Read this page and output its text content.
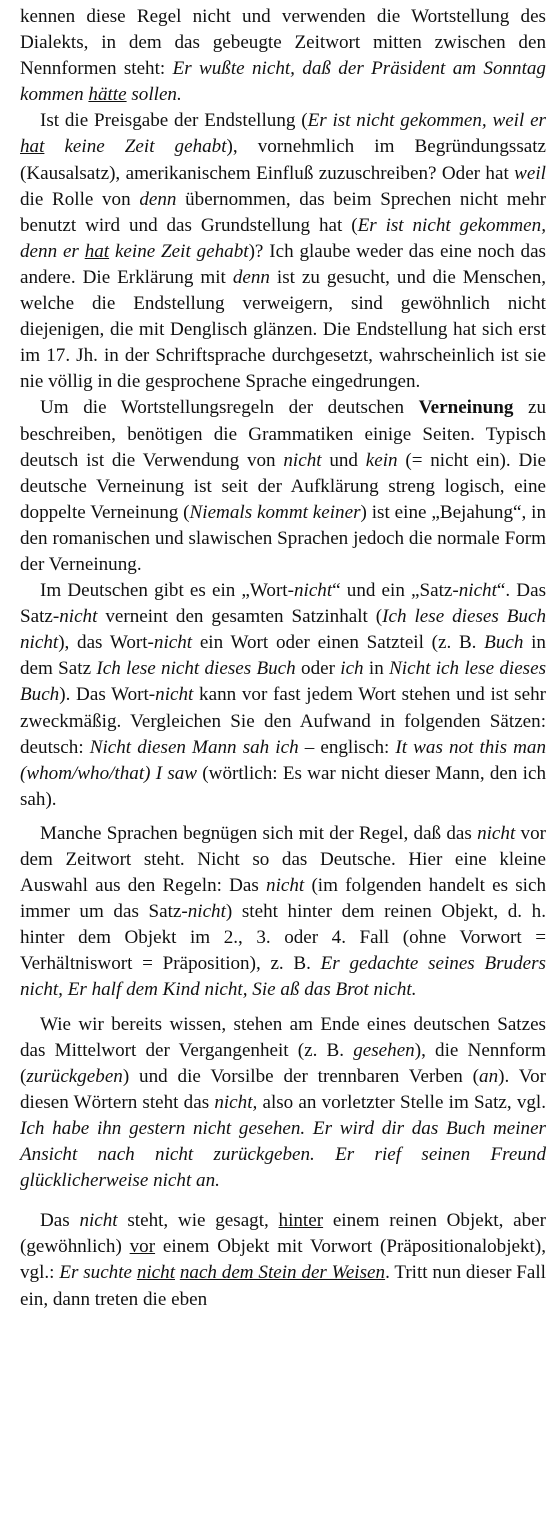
kennen diese Regel nicht und verwenden die Wortstellung des Dialekts, in dem das gebeugte Zeitwort mitten zwischen den Nennformen steht: Er wußte nicht, daß der Präsident am Sonntag kommen hätte sollen.

Ist die Preisgabe der Endstellung (Er ist nicht gekommen, weil er hat keine Zeit gehabt), vornehmlich im Begründungssatz (Kausalsatz), amerikanischem Einfluß zuzuschreiben? Oder hat weil die Rolle von denn übernommen, das beim Sprechen nicht mehr benutzt wird und das Grundstellung hat (Er ist nicht gekommen, denn er hat keine Zeit gehabt)? Ich glaube weder das eine noch das andere. Die Erklärung mit denn ist zu gesucht, und die Menschen, welche die Endstellung verweigern, sind gewöhnlich nicht diejenigen, die mit Denglisch glänzen. Die Endstellung hat sich erst im 17. Jh. in der Schriftsprache durchgesetzt, wahrscheinlich ist sie nie völlig in die gesprochene Sprache eingedrungen.

Um die Wortstellungsregeln der deutschen Verneinung zu beschreiben, benötigen die Grammatiken einige Seiten. Typisch deutsch ist die Verwendung von nicht und kein (= nicht ein). Die deutsche Verneinung ist seit der Aufklärung streng logisch, eine doppelte Verneinung (Niemals kommt keiner) ist eine „Bejahung“, in den romanischen und slawischen Sprachen jedoch die normale Form der Verneinung.

Im Deutschen gibt es ein „Wort-nicht“ und ein „Satz-nicht“. Das Satz-nicht verneint den gesamten Satzinhalt (Ich lese dieses Buch nicht), das Wort-nicht ein Wort oder einen Satzteil (z. B. Buch in dem Satz Ich lese nicht dieses Buch oder ich in Nicht ich lese dieses Buch). Das Wort-nicht kann vor fast jedem Wort stehen und ist sehr zweckmäßig. Vergleichen Sie den Aufwand in folgenden Sätzen: deutsch: Nicht diesen Mann sah ich – englisch: It was not this man (whom/who/that) I saw (wörtlich: Es war nicht dieser Mann, den ich sah).

Manche Sprachen begnügen sich mit der Regel, daß das nicht vor dem Zeitwort steht. Nicht so das Deutsche. Hier eine kleine Auswahl aus den Regeln: Das nicht (im folgenden handelt es sich immer um das Satz-nicht) steht hinter dem reinen Objekt, d. h. hinter dem Objekt im 2., 3. oder 4. Fall (ohne Vorwort = Verhältniswort = Präposition), z. B. Er gedachte seines Bruders nicht, Er half dem Kind nicht, Sie aß das Brot nicht.

Wie wir bereits wissen, stehen am Ende eines deutschen Satzes das Mittelwort der Vergangenheit (z. B. gesehen), die Nennform (zurückgeben) und die Vorsilbe der trennbaren Verben (an). Vor diesen Wörtern steht das nicht, also an vorletzter Stelle im Satz, vgl. Ich habe ihn gestern nicht gesehen. Er wird dir das Buch meiner Ansicht nach nicht zurückgeben. Er rief seinen Freund glücklicherweise nicht an.

Das nicht steht, wie gesagt, hinter einem reinen Objekt, aber (gewöhnlich) vor einem Objekt mit Vorwort (Präpositionalobjekt), vgl.: Er suchte nicht nach dem Stein der Weisen. Tritt nun dieser Fall ein, dann treten die eben
